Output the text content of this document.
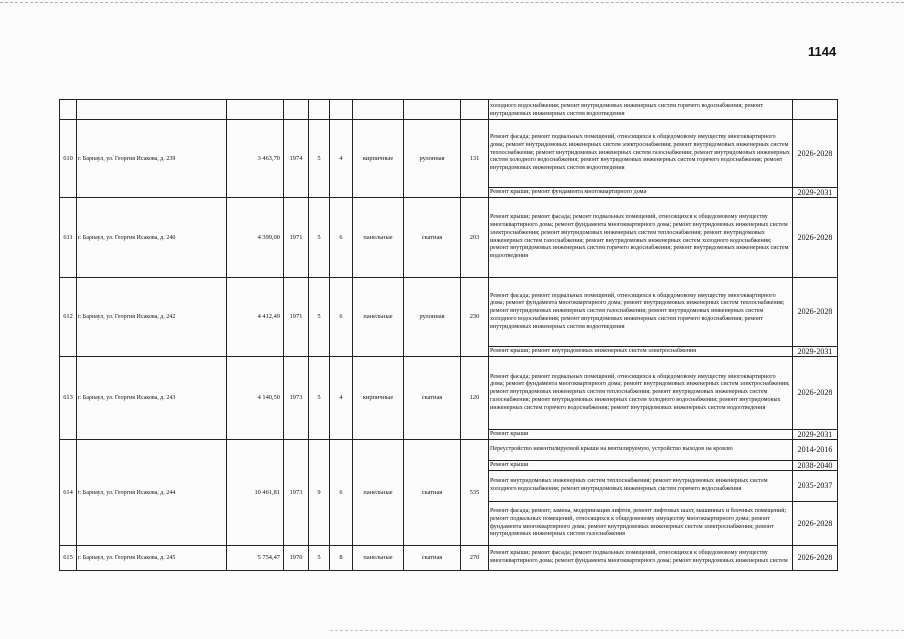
1144
									холодного водоснабжения; ремонт внутридомовых инженерных систем горячего водоснабжения; ремонт внутридомовых инженерных систем водоотведения	
610	г. Барнаул, ул. Георгия Исакова, д. 239	3 463,70	1974	5	4	кирпичные	рулонная	131	Ремонт фасада; ремонт подвальных помещений, относящихся к общедомовому имуществу многоквартирного дома; ремонт внутридомовых инженерных систем электроснабжения; ремонт внутридомовых инженерных систем теплоснабжения; ремонт внутридомовых инженерных систем газоснабжения; ремонт внутридомовых инженерных систем холодного водоснабжения; ремонт внутридомовых инженерных систем горячего водоснабжения; ремонт внутридомовых инженерных систем водоотведения	2026-2028
									Ремонт крыши; ремонт фундамента многоквартирного дома	2029-2031
611	г. Барнаул, ул. Георгия Исакова, д. 240	4 399,00	1971	5	6	панельные	скатная	203	Ремонт крыши; ремонт фасада; ремонт подвальных помещений, относящихся к общедомовому имуществу многоквартирного дома; ремонт фундамента многоквартирного дома; ремонт внутридомовых инженерных систем электроснабжения; ремонт внутридомовых инженерных систем теплоснабжения; ремонт внутридомовых инженерных систем газоснабжения; ремонт внутридомовых инженерных систем холодного водоснабжения; ремонт внутридомовых инженерных систем горячего водоснабжения; ремонт внутридомовых инженерных систем водоотведения	2026-2028
612	г. Барнаул, ул. Георгия Исакова, д. 242	4 412,49	1971	5	6	панельные	рулонная	230	Ремонт фасада; ремонт подвальных помещений, относящихся к общедомовому имуществу многоквартирного дома; ремонт фундамента многоквартирного дома; ремонт внутридомовых инженерных систем теплоснабжения; ремонт внутридомовых инженерных систем газоснабжения; ремонт внутридомовых инженерных систем холодного водоснабжения; ремонт внутридомовых инженерных систем горячего водоснабжения; ремонт внутридомовых инженерных систем водоотведения	2026-2028
									Ремонт крыши; ремонт внутридомовых инженерных систем электроснабжения	2029-2031
613	г. Барнаул, ул. Георгия Исакова, д. 243	4 140,50	1973	5	4	кирпичные	скатная	120	Ремонт фасада; ремонт подвальных помещений, относящихся к общедомовому имуществу многоквартирного дома; ремонт фундамента многоквартирного дома; ремонт внутридомовых инженерных систем электроснабжения; ремонт внутридомовых инженерных систем теплоснабжения; ремонт внутридомовых инженерных систем газоснабжения; ремонт внутридомовых инженерных систем холодного водоснабжения; ремонт внутридомовых инженерных систем горячего водоснабжения; ремонт внутридомовых инженерных систем водоотведения	2026-2028
									Ремонт крыши	2029-2031
614	г. Барнаул, ул. Георгия Исакова, д. 244	10 461,81	1973	9	6	панельные	скатная	535	Переустройство невентилируемой крыши на вентилируемую, устройство выходов на кровлю	2014-2016
									Ремонт крыши	2038-2040
									Ремонт внутридомовых инженерных систем теплоснабжения; ремонт внутридомовых инженерных систем холодного водоснабжения; ремонт внутридомовых инженерных систем горячего водоснабжения	2035-2037
									Ремонт фасада; ремонт, замена, модернизация лифтов, ремонт лифтовых шахт, машинных и блочных помещений; ремонт подвальных помещений, относящихся к общедомовому имуществу многоквартирного дома; ремонт фундамента многоквартирного дома; ремонт внутридомовых инженерных систем электроснабжения; ремонт внутридомовых инженерных систем газоснабжения	2026-2028
615	г. Барнаул, ул. Георгия Исакова, д. 245	5 754,47	1970	5	8	панельные	скатная	270	Ремонт крыши; ремонт фасада; ремонт подвальных помещений, относящихся к общедомовому имуществу многоквартирного дома; ремонт фундамента многоквартирного дома; ремонт внутридомовых инженерных систем	2026-2028
